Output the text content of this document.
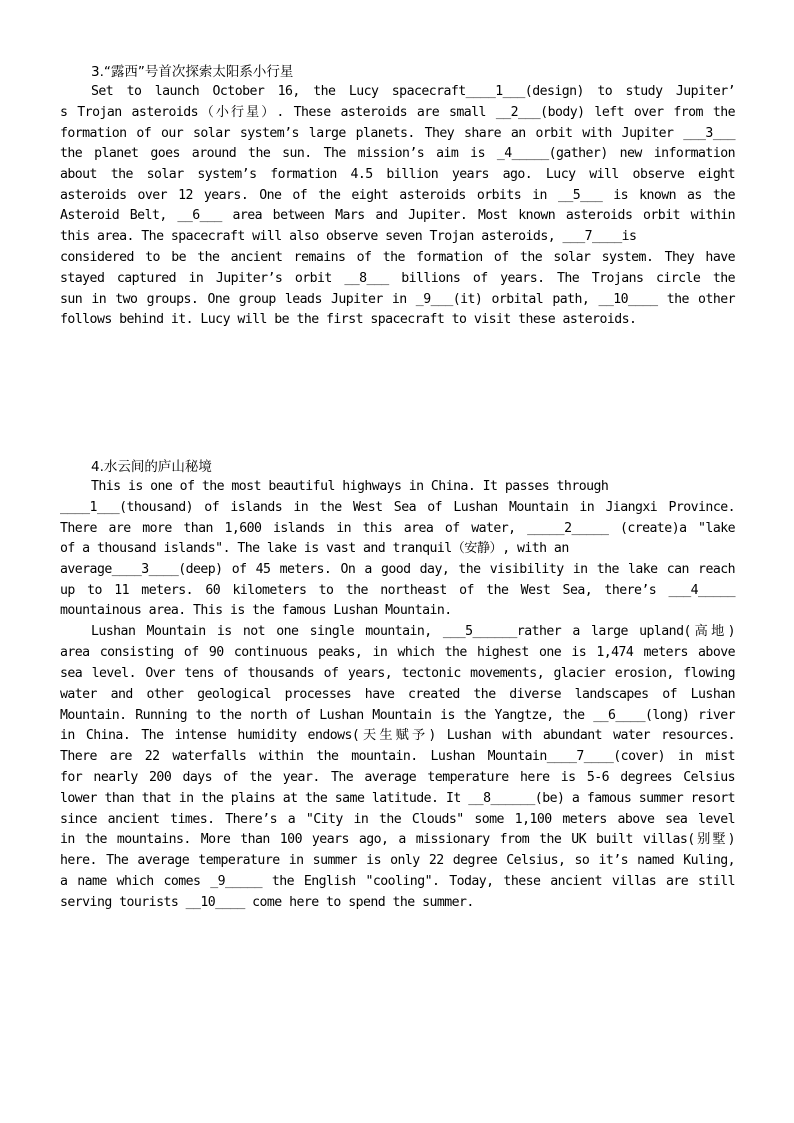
3.“露西”号首次探索太阳系小行星
Set to launch October 16, the Lucy spacecraft____1___(design) to study Jupiter’
s Trojan asteroids（小行星）. These asteroids are small __2___(body) left over from the
formation of our solar system’s large planets. They share an orbit with Jupiter ___3___
the planet goes around the sun. The mission’s aim is _4_____(gather) new information
about the solar system’s formation 4.5 billion years ago. Lucy will observe eight
asteroids over 12 years. One of the eight asteroids orbits in __5___ is known as the
Asteroid Belt, __6___ area between Mars and Jupiter. Most known asteroids orbit within
this area. The spacecraft will also observe seven Trojan asteroids, ___7____is
considered to be the ancient remains of the formation of the solar system. They have
stayed captured in Jupiter’s orbit __8___ billions of years. The Trojans circle the
sun in two groups. One group leads Jupiter in _9___(it) orbital path, __10____ the other
follows behind it. Lucy will be the first spacecraft to visit these asteroids.
4.水云间的庐山秘境
This is one of the most beautiful highways in China. It passes through
____1___(thousand) of islands in the West Sea of Lushan Mountain in Jiangxi Province.
There are more than 1,600 islands in this area of water, _____2_____ (create)a "lake
of a thousand islands". The lake is vast and tranquil（安静）, with an
average____3____(deep) of 45 meters. On a good day, the visibility in the lake can reach
up to 11 meters. 60 kilometers to the northeast of the West Sea, there’s ___4_____
mountainous area. This is the famous Lushan Mountain.
Lushan Mountain is not one single mountain, ___5______rather a large upland(高地)
area consisting of 90 continuous peaks, in which the highest one is 1,474 meters above
sea level. Over tens of thousands of years, tectonic movements, glacier erosion, flowing
water and other geological processes have created the diverse landscapes of Lushan
Mountain. Running to the north of Lushan Mountain is the Yangtze, the __6____(long) river
in China. The intense humidity endows(天生赋予) Lushan with abundant water resources.
There are 22 waterfalls within the mountain. Lushan Mountain____7____(cover) in mist
for nearly 200 days of the year. The average temperature here is 5-6 degrees Celsius
lower than that in the plains at the same latitude. It __8______(be) a famous summer resort
since ancient times. There’s a "City in the Clouds" some 1,100 meters above sea level
in the mountains. More than 100 years ago, a missionary from the UK built villas(别墅)
here. The average temperature in summer is only 22 degree Celsius, so it’s named Kuling,
a name which comes _9_____ the English "cooling". Today, these ancient villas are still
serving tourists __10____ come here to spend the summer.
